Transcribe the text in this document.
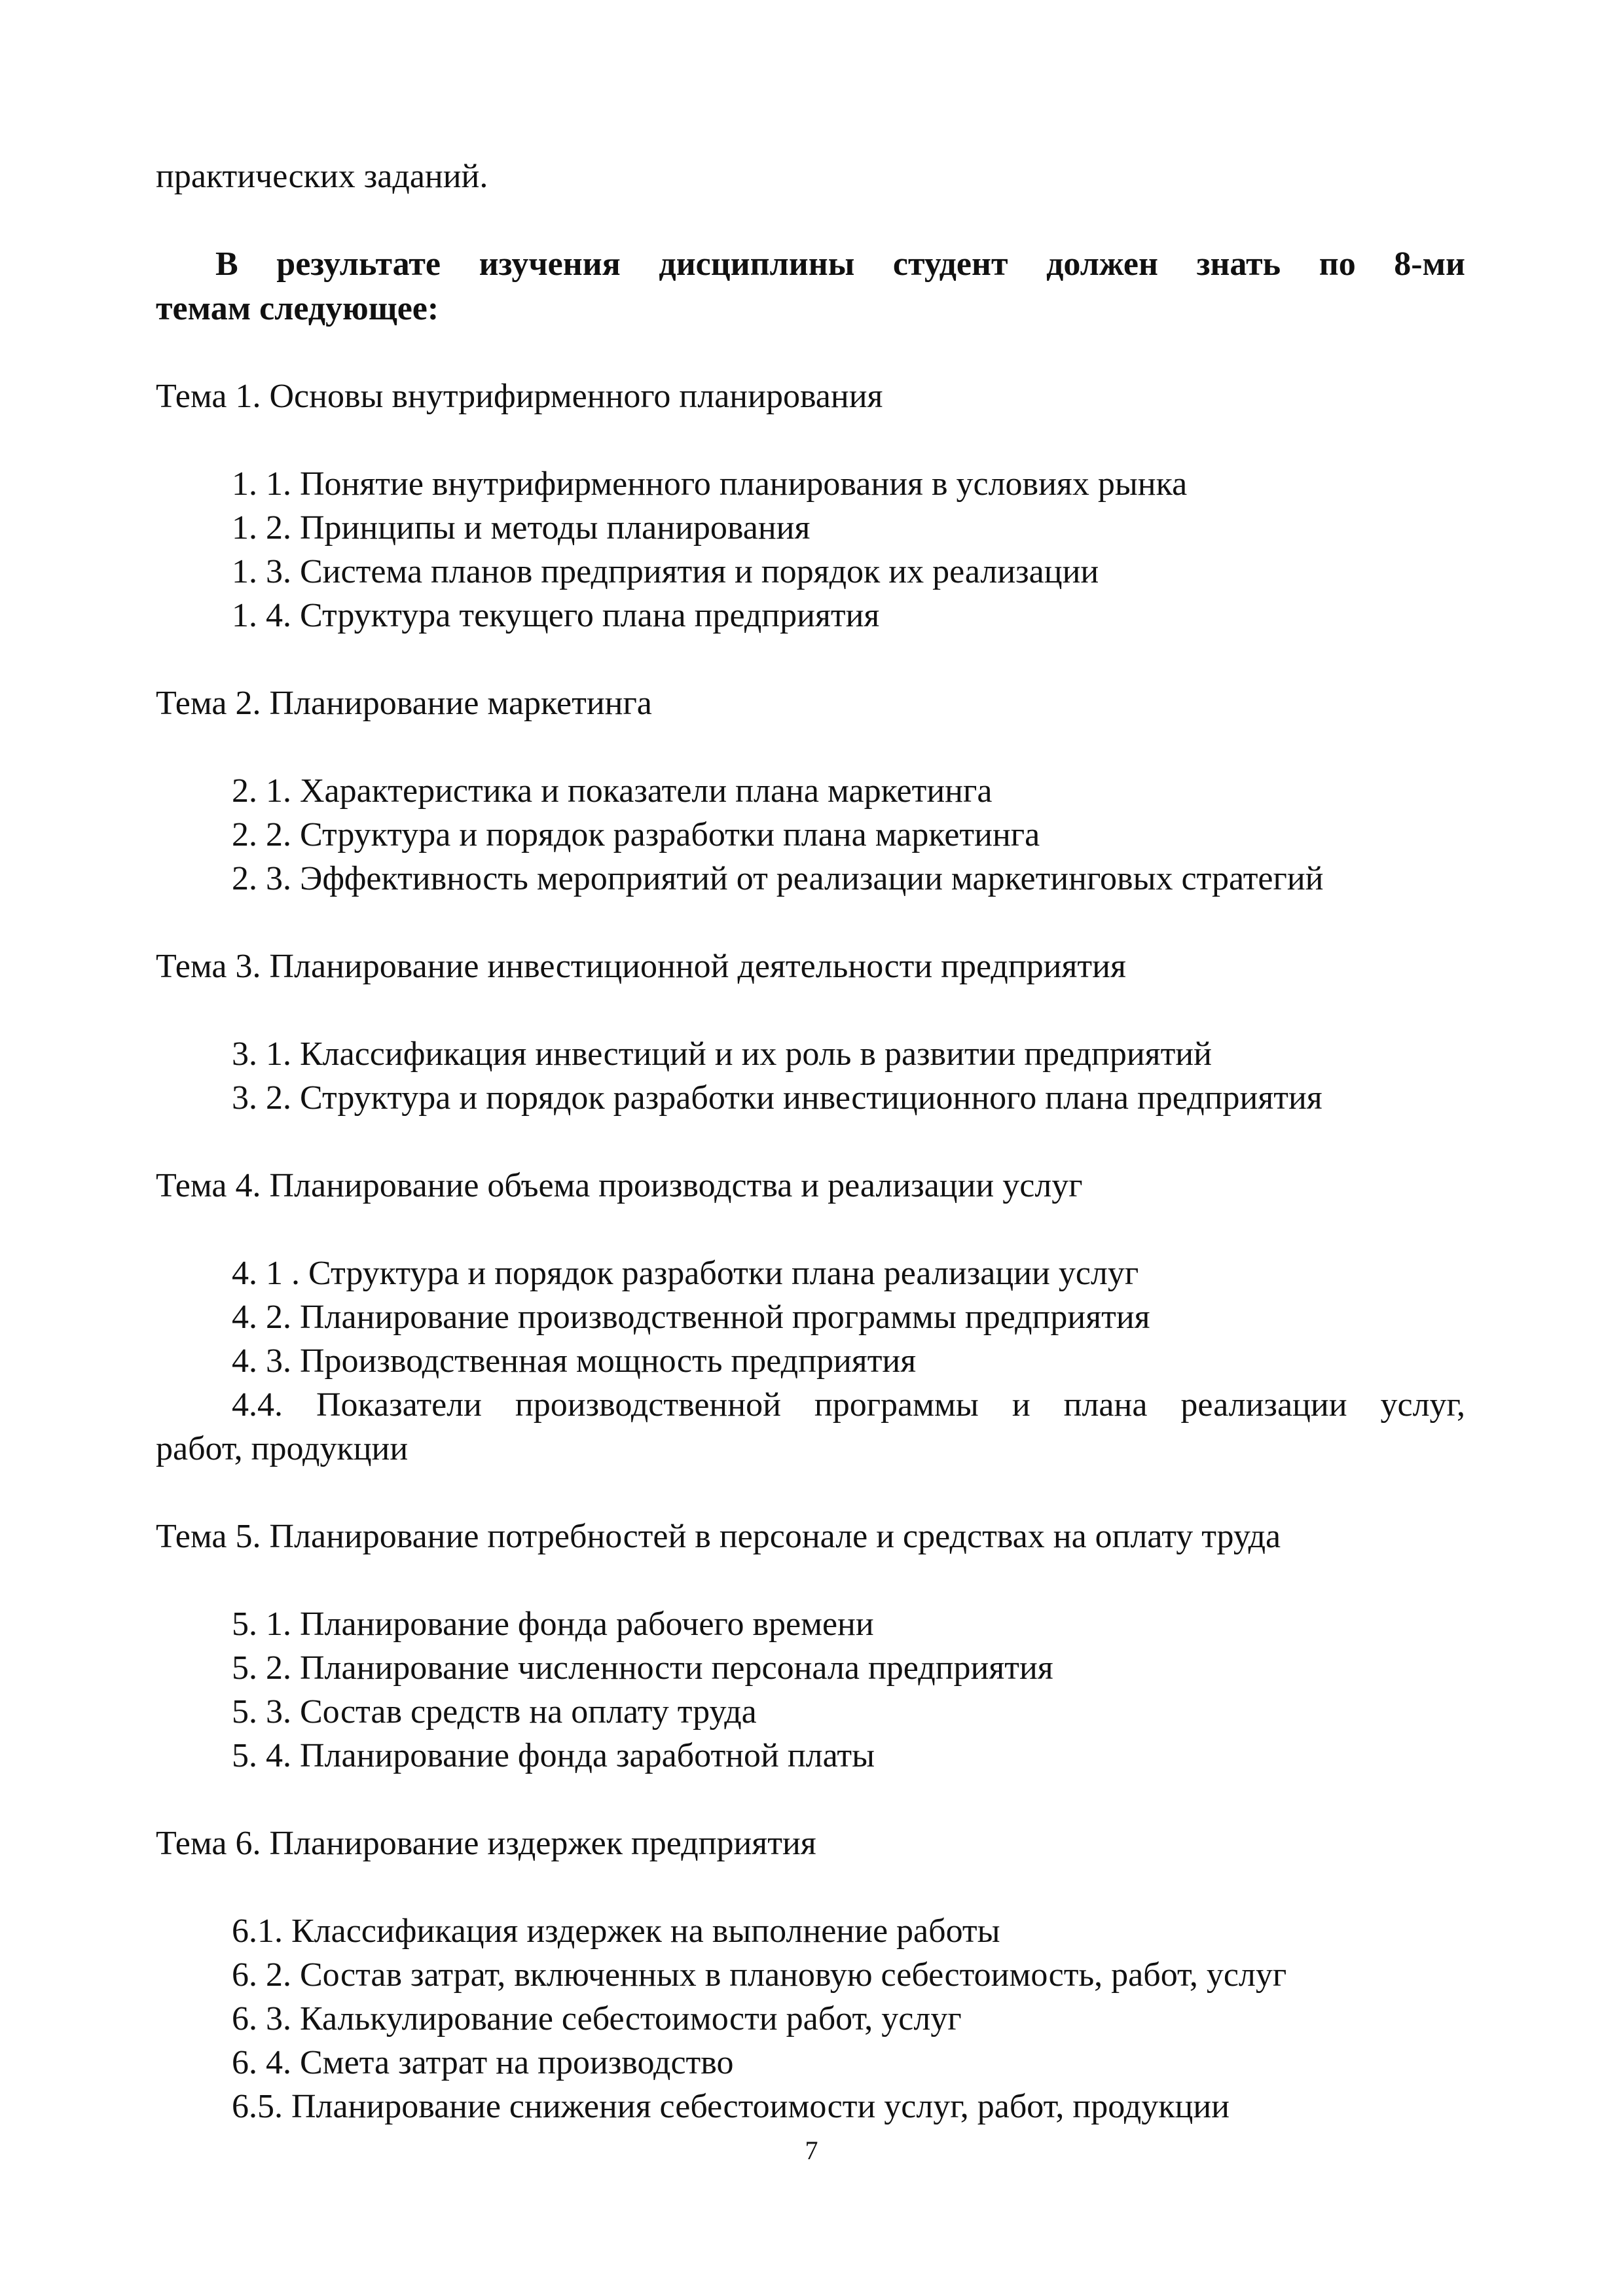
практических заданий.

В результате изучения дисциплины студент должен знать по 8-ми

темам следующее:

Тема 1. Основы внутрифирменного планирования

1. 1. Понятие внутрифирменного планирования в условиях рынка

1. 2. Принципы и методы планирования

1. 3. Система планов предприятия и порядок их реализации

1. 4. Структура текущего плана предприятия

Тема 2. Планирование маркетинга

2. 1. Характеристика и показатели плана маркетинга

2. 2. Структура и порядок разработки плана маркетинга

2. 3. Эффективность мероприятий от реализации маркетинговых стратегий

Тема 3. Планирование инвестиционной деятельности предприятия

3. 1. Классификация инвестиций и их роль в развитии предприятий

3. 2. Структура и порядок разработки инвестиционного плана предприятия

Тема 4. Планирование объема производства и реализации услуг

4. 1 . Структура и порядок разработки плана реализации услуг

4. 2. Планирование производственной программы предприятия

4. 3. Производственная мощность предприятия

4.4. Показатели производственной программы и плана реализации услуг,

работ, продукции

Тема 5. Планирование потребностей в персонале и средствах на оплату труда

5. 1. Планирование фонда рабочего времени

5. 2. Планирование численности персонала предприятия

5. 3. Состав средств на оплату труда

5. 4. Планирование фонда заработной платы

Тема 6. Планирование издержек предприятия

6.1. Классификация издержек на выполнение работы

6. 2. Состав затрат, включенных в плановую себестоимость, работ, услуг

6. 3. Калькулирование себестоимости работ, услуг

6. 4. Смета затрат на производство

6.5. Планирование снижения себестоимости услуг, работ, продукции

7
